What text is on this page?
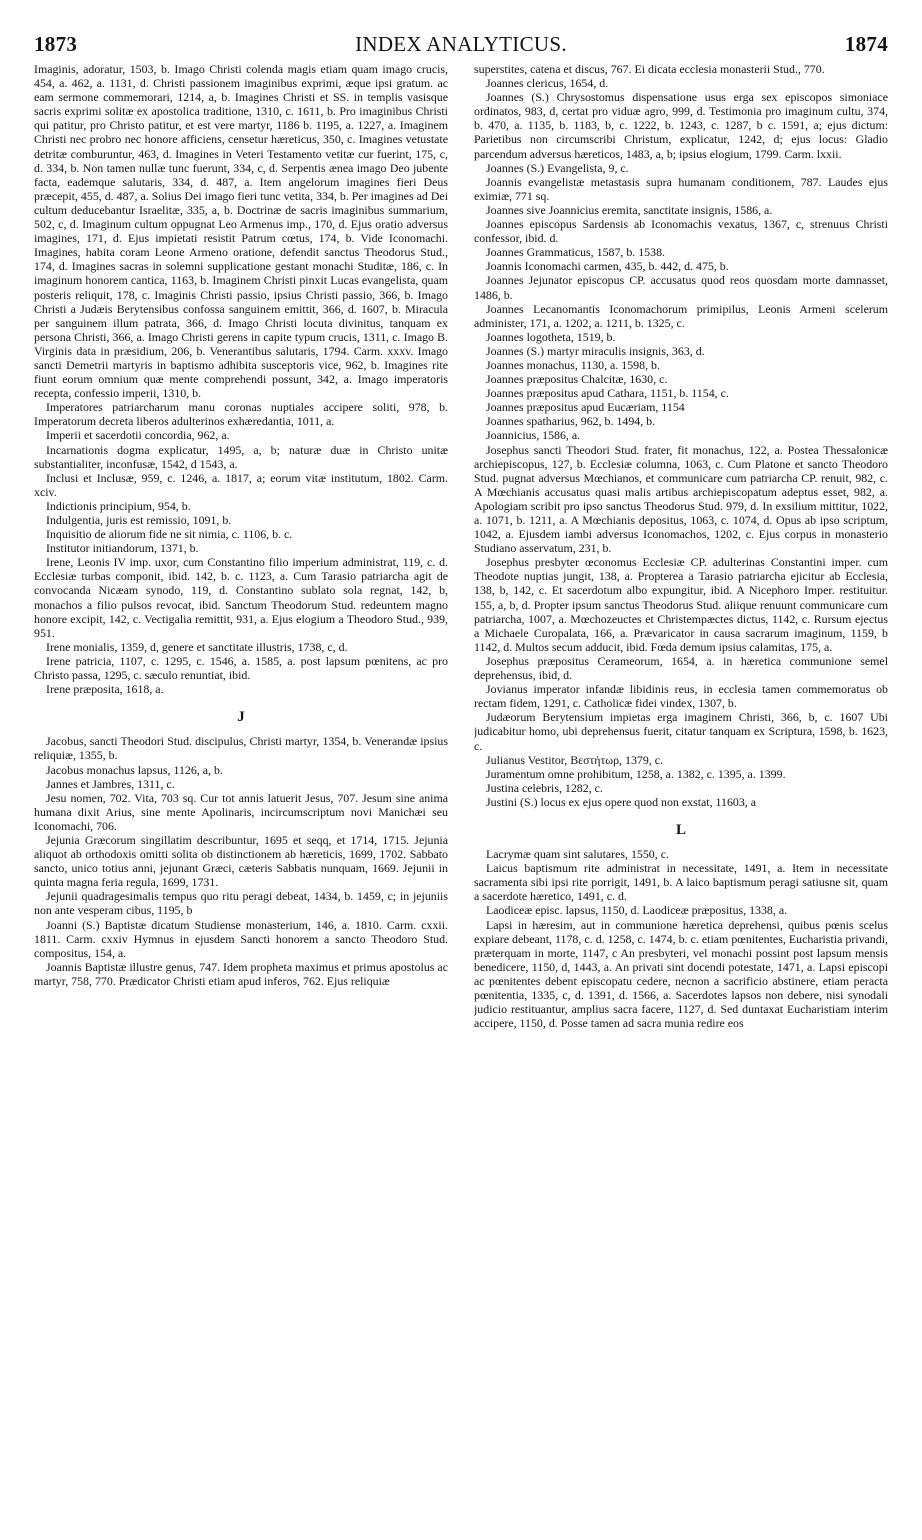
1873	INDEX ANALYTICUS.	1874

Imaginis, adoratur, 1503, b. Imago Christi colenda magis etiam quam imago crucis, 454, a. 462, a. 1131, d. Christi passionem imaginibus exprimi, æque ipsi gratum. ac eam sermone commemorari, 1214, a, b. Imagines Christi et SS. in templis vasisque sacris exprimi solitæ ex apostolica traditione, 1310, c. 1611, b. Pro imaginibus Christi qui patitur, pro Christo patitur, et est vere martyr, 1186 b. 1195, a. 1227, a. Imaginem Christi nec probro nec honore afficiens, censetur hæreticus, 350, c. Imagines vetustate detritæ comburuntur, 463, d. Imagines in Veteri Testamento vetitæ cur fuerint, 175, c, d. 334, b. Non tamen nullæ tunc fuerunt, 334, c, d. Serpentis ænea imago Deo jubente facta, eademque salutaris, 334, d. 487, a. Item angelorum imagines fieri Deus præcepit, 455, d. 487, a. Solius Dei imago fieri tunc vetita, 334, b. Per imagines ad Dei cultum deducebantur Israelitæ, 335, a, b. Doctrinæ de sacris imaginibus summarium, 502, c, d. Imaginum cultum oppugnat Leo Armenus imp., 170, d. Ejus oratio adversus imagines, 171, d. Ejus impietati resistit Patrum cœtus, 174, b. Vide Iconomachi. Imagines, habita coram Leone Armeno oratione, defendit sanctus Theodorus Stud., 174, d. Imagines sacras in solemni supplicatione gestant monachi Studitæ, 186, c. In imaginum honorem cantica, 1163, b. Imaginem Christi pinxit Lucas evangelista, quam posteris reliquit, 178, c. Imaginis Christi passio, ipsius Christi passio, 366, b. Imago Christi a Judæis Berytensibus confossa sanguinem emittit, 366, d. 1607, b. Miracula per sanguinem illum patrata, 366, d. Imago Christi locuta divinitus, tanquam ex persona Christi, 366, a. Imago Christi gerens in capite typum crucis, 1311, c. Imago B. Virginis data in præsidium, 206, b. Venerantibus salutaris, 1794. Carm. xxxv. Imago sancti Demetrii martyris in baptismo adhibita susceptoris vice, 962, b. Imagines rite fiunt eorum omnium quæ mente comprehendi possunt, 342, a. Imago imperatoris recepta, confessio imperii, 1310, b.

Imperatores patriarcharum manu coronas nuptiales accipere soliti, 978, b. Imperatorum decreta liberos adulterinos exhæredantia, 1011, a.

Imperii et sacerdotii concordia, 962, a.

Incarnationis dogma explicatur, 1495, a, b; naturæ duæ in Christo unitæ substantialiter, inconfusæ, 1542, d 1543, a.

Inclusi et Inclusæ, 959, c. 1246, a. 1817, a; eorum vitæ institutum, 1802. Carm. xciv.

Indictionis principium, 954, b.

Indulgentia, juris est remissio, 1091, b.

Inquisitio de aliorum fide ne sit nimia, c. 1106, b. c.

Institutor initiandorum, 1371, b.

Irene, Leonis IV imp. uxor, cum Constantino filio imperium administrat, 119, c. d. Ecclesiæ turbas componit, ibid. 142, b. c. 1123, a. Cum Tarasio patriarcha agit de convocanda Nicæam synodo, 119, d. Constantino sublato sola regnat, 142, b, monachos a filio pulsos revocat, ibid. Sanctum Theodorum Stud. redeuntem magno honore excipit, 142, c. Vectigalia remittit, 931, a. Ejus elogium a Theodoro Stud., 939, 951.

Irene monialis, 1359, d, genere et sanctitate illustris, 1738, c, d.

Irene patricia, 1107, c. 1295, c. 1546, a. 1585, a. post lapsum pœnitens, ac pro Christo passa, 1295, c. sæculo renuntiat, ibid.

Irene præposita, 1618, a.

J

Jacobus, sancti Theodori Stud. discipulus, Christi martyr, 1354, b. Venerandæ ipsius reliquiæ, 1355, b.

Jacobus monachus lapsus, 1126, a, b.

Jannes et Jambres, 1311, c.

Jesu nomen, 702. Vita, 703 sq. Cur tot annis latuerit Jesus, 707. Jesum sine anima humana dixit Arius, sine mente Apolinaris, incircumscriptum novi Manichæi seu Iconomachi, 706.

Jejunia Græcorum singillatim describuntur, 1695 et seqq, et 1714, 1715. Jejunia aliquot ab orthodoxis omitti solita ob distinctionem ab hæreticis, 1699, 1702. Sabbato sancto, unico totius anni, jejunant Græci, cæteris Sabbatis nunquam, 1669. Jejunii in quinta magna feria regula, 1699, 1731.

Jejunii quadragesimalis tempus quo ritu peragi debeat, 1434, b. 1459, c; in jejuniis non ante vesperam cibus, 1195, b

Joanni (S.) Baptistæ dicatum Studiense monasterium, 146, a. 1810. Carm. cxxii. 1811. Carm. cxxiv Hymnus in ejusdem Sancti honorem a sancto Theodoro Stud. compositus, 154, a.

Joannis Baptistæ illustre genus, 747. Idem propheta maximus et primus apostolus ac martyr, 758, 770. Prædicator Christi etiam apud inferos, 762. Ejus reliquiæ

superstites, catena et discus, 767. Ei dicata ecclesia monasterii Stud., 770.

Joannes clericus, 1654, d.

Joannes (S.) Chrysostomus dispensatione usus erga sex episcopos simoniace ordinatos, 983, d, certat pro viduæ agro, 999, d. Testimonia pro imaginum cultu, 374, b. 470, a. 1135, b. 1183, b, c. 1222, b. 1243, c. 1287, b c. 1591, a; ejus dictum: Parietibus non circumscribi Christum, explicatur, 1242, d; ejus locus: Gladio parcendum adversus hæreticos, 1483, a, b; ipsius elogium, 1799. Carm. lxxii.

Joannes (S.) Evangelista, 9, c.

Joannis evangelistæ metastasis supra humanam conditionem, 787. Laudes ejus eximiæ, 771 sq.

Joannes sive Joannicius eremita, sanctitate insignis, 1586, a.

Joannes episcopus Sardensis ab Iconomachis vexatus, 1367, c, strenuus Christi confessor, ibid. d.

Joannes Grammaticus, 1587, b. 1538.

Joannis Iconomachi carmen, 435, b. 442, d. 475, b.

Joannes Jejunator episcopus CP. accusatus quod reos quosdam morte damnasset, 1486, b.

Joannes Lecanomantis Iconomachorum primipilus, Leonis Armeni scelerum administer, 171, a. 1202, a. 1211, b. 1325, c.

Joannes logotheta, 1519, b.

Joannes (S.) martyr miraculis insignis, 363, d.

Joannes monachus, 1130, a. 1598, b.

Joannes præpositus Chalcitæ, 1630, c.

Joannes præpositus apud Cathara, 1151, b. 1154, c.

Joannes præpositus apud Eucæriam, 1154

Joannes spatharius, 962, b. 1494, b.

Joannicius, 1586, a.

Josephus sancti Theodori Stud. frater, fit monachus, 122, a. Postea Thessalonicæ archiepiscopus, 127, b. Ecclesiæ columna, 1063, c. Cum Platone et sancto Theodoro Stud. pugnat adversus Mœchianos, et communicare cum patriarcha CP. renuit, 982, c. A Mœchianis accusatus quasi malis artibus archiepiscopatum adeptus esset, 982, a. Apologiam scribit pro ipso sanctus Theodorus Stud. 979, d. In exsilium mittitur, 1022, a. 1071, b. 1211, a. A Mœchianis depositus, 1063, c. 1074, d. Opus ab ipso scriptum, 1042, a. Ejusdem iambi adversus Iconomachos, 1202, c. Ejus corpus in monasterio Studiano asservatum, 231, b.

Josephus presbyter œconomus Ecclesiæ CP. adulterinas Constantini imper. cum Theodote nuptias jungit, 138, a. Propterea a Tarasio patriarcha ejicitur ab Ecclesia, 138, b, 142, c. Et sacerdotum albo expungitur, ibid. A Nicephoro Imper. restituitur. 155, a, b, d. Propter ipsum sanctus Theodorus Stud. aliique renuunt communicare cum patriarcha, 1007, a. Mœchozeuctes et Christempæctes dictus, 1142, c. Rursum ejectus a Michaele Curopalata, 166, a. Prævaricator in causa sacrarum imaginum, 1159, b 1142, d. Multos secum adducit, ibid. Fœda demum ipsius calamitas, 175, a.

Josephus præpositus Cerameorum, 1654, a. in hæretica communione semel deprehensus, ibid, d.

Jovianus imperator infandæ libidinis reus, in ecclesia tamen commemoratus ob rectam fidem, 1291, c. Catholicæ fidei vindex, 1307, b.

Judæorum Berytensium impietas erga imaginem Christi, 366, b, c. 1607 Ubi judicabitur homo, ubi deprehensus fuerit, citatur tanquam ex Scriptura, 1598, b. 1623, c.

Julianus Vestitor, Βεστήτωρ, 1379, c.

Juramentum omne prohibitum, 1258, a. 1382, c. 1395, a. 1399.

Justina celebris, 1282, c.

Justini (S.) locus ex ejus opere quod non exstat, 11603, a

L

Lacrymæ quam sint salutares, 1550, c.

Laicus baptismum rite administrat in necessitate, 1491, a. Item in necessitate sacramenta sibi ipsi rite porrigit, 1491, b. A laico baptismum peragi satiusne sit, quam a sacerdote hæretico, 1491, c. d.

Laodiceæ episc. lapsus, 1150, d. Laodiceæ præpositus, 1338, a.

Lapsi in hæresim, aut in communione hæretica deprehensi, quibus pœnis scelus expiare debeant, 1178, c. d. 1258, c. 1474, b. c. etiam pœnitentes, Eucharistia privandi, præterquam in morte, 1147, c An presbyteri, vel monachi possint post lapsum mensis benedicere, 1150, d, 1443, a. An privati sint docendi potestate, 1471, a. Lapsi episcopi ac pœnitentes debent episcopatu cedere, necnon a sacrificio abstinere, etiam peracta pœnitentia, 1335, c, d. 1391, d. 1566, a. Sacerdotes lapsos non debere, nisi synodali judicio restituantur, amplius sacra facere, 1127, d. Sed duntaxat Eucharistiam interim accipere, 1150, d. Posse tamen ad sacra munia redire eos
